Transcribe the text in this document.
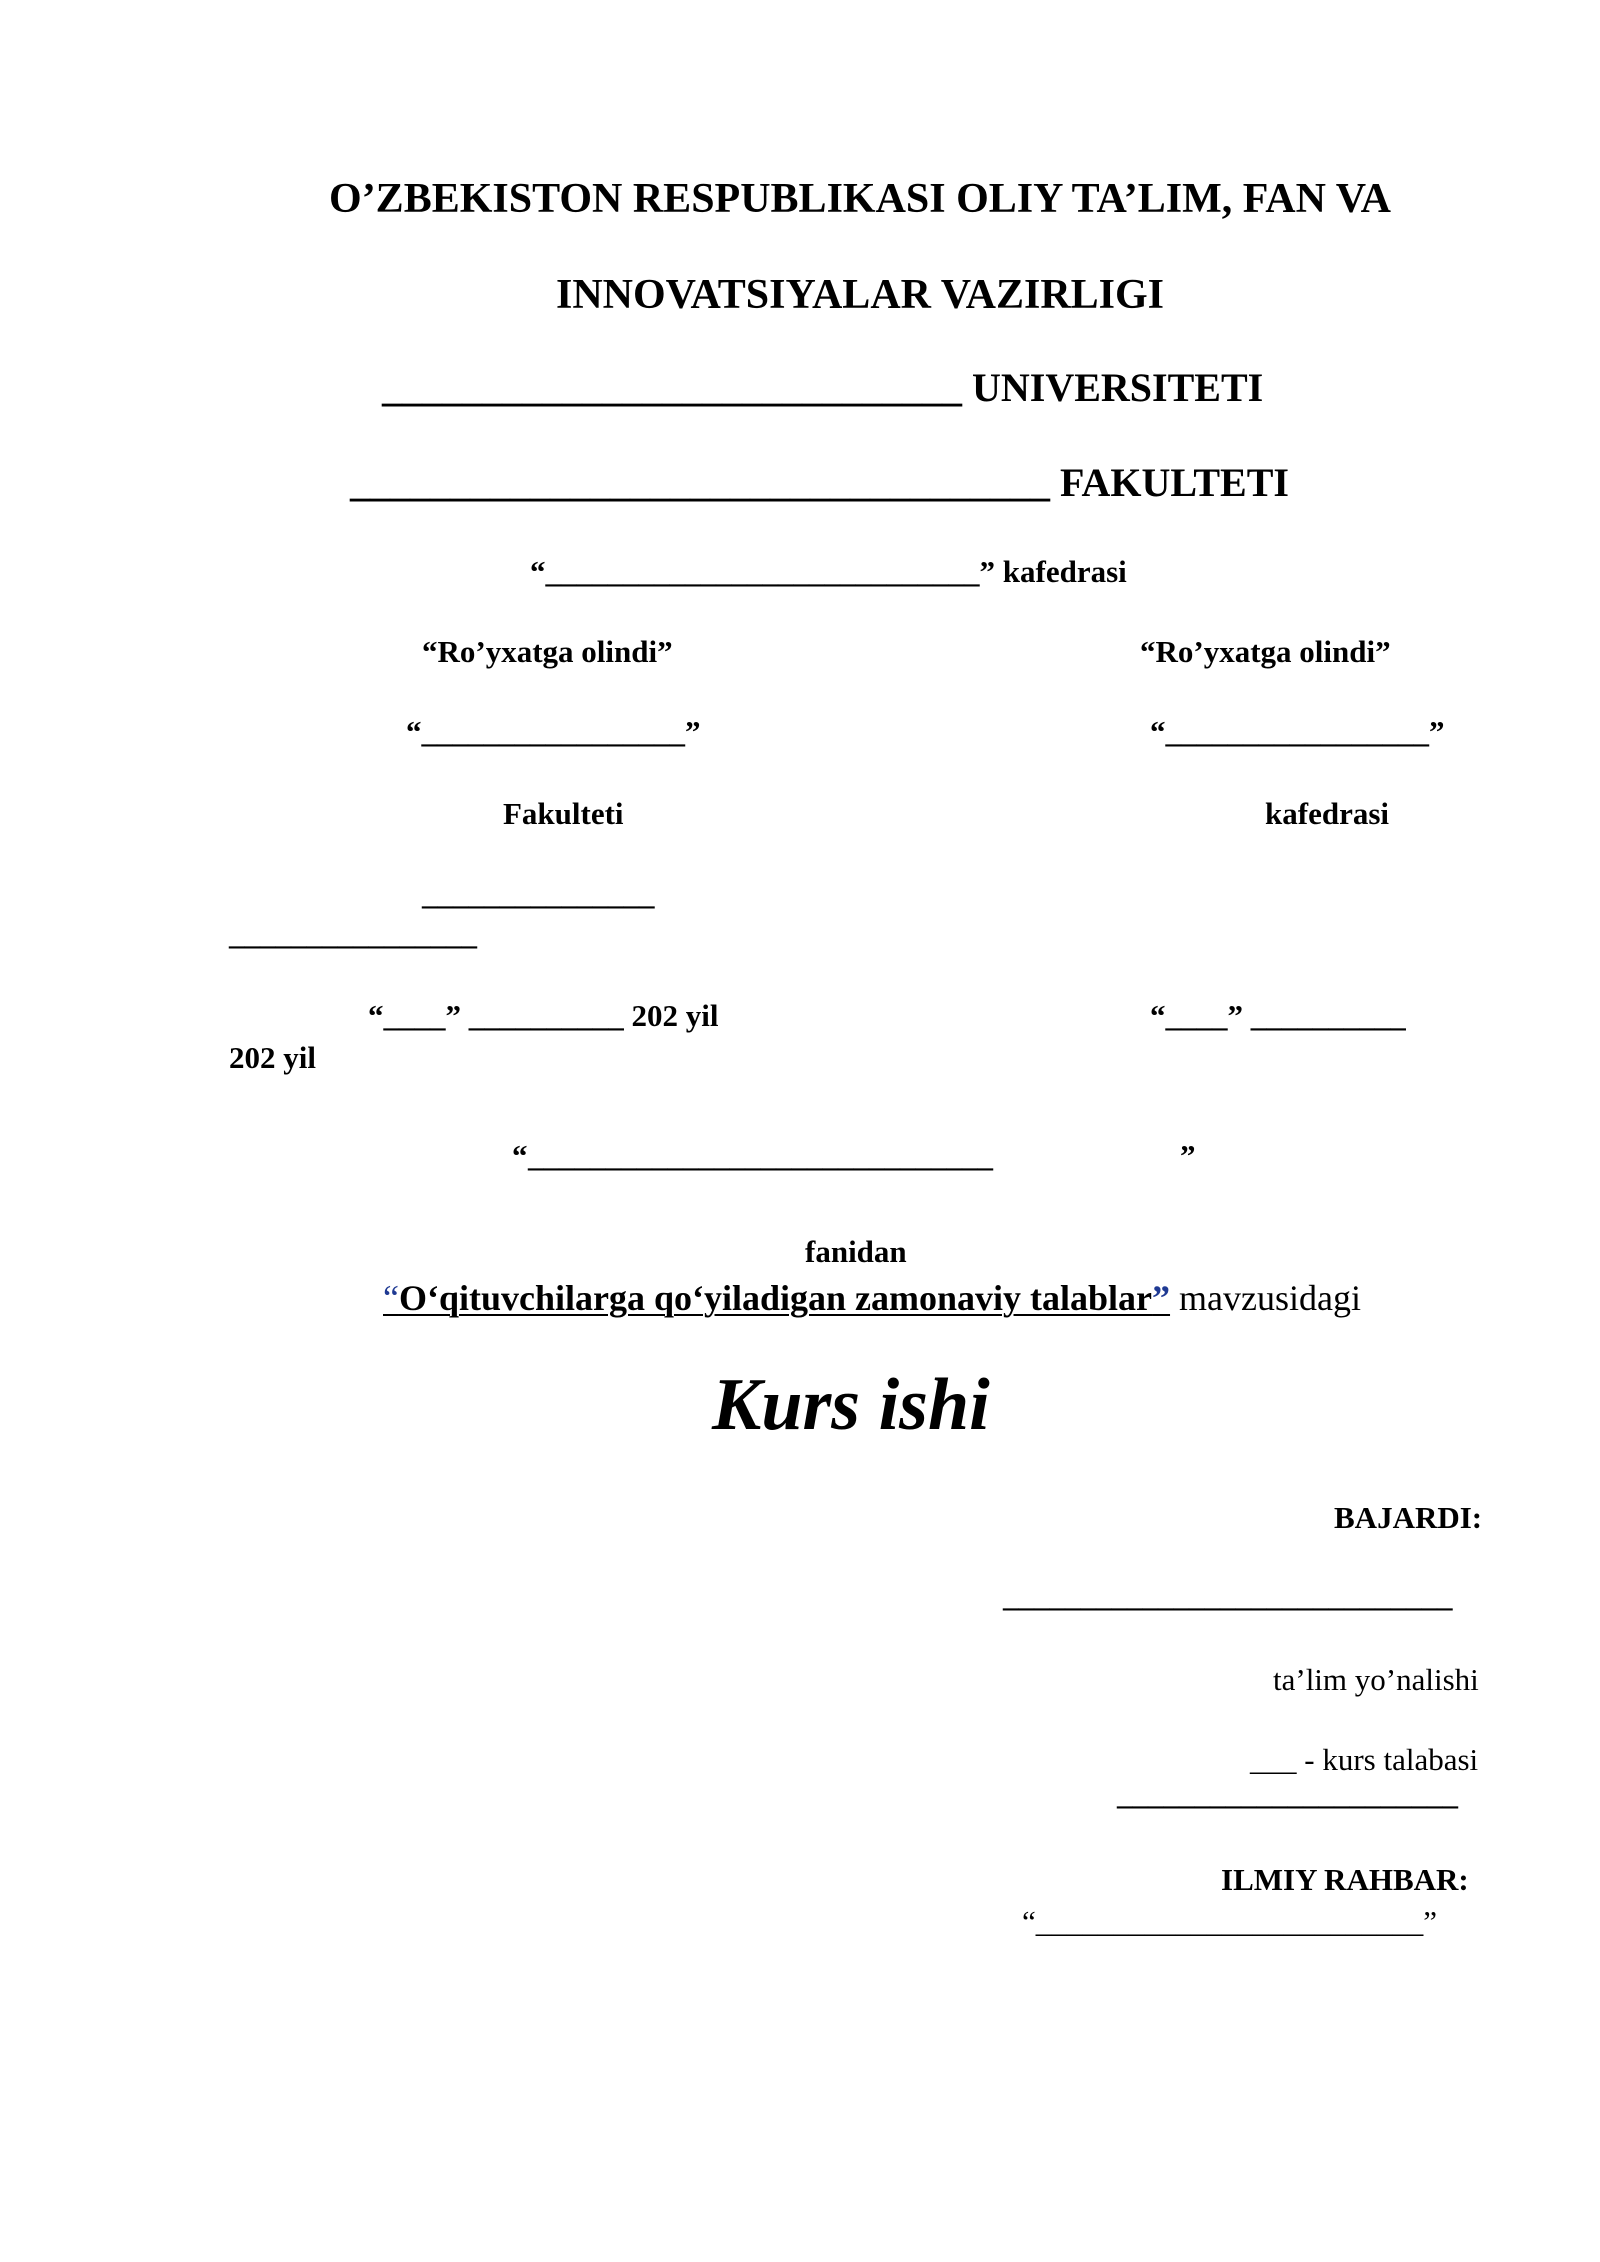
O’ZBEKISTON RESPUBLIKASI OLIY TA’LIM, FAN VA
INNOVATSIYALAR VAZIRLIGI
_____________________________ UNIVERSITETI
___________________________________ FAKULTETI
“____________________________” kafedrasi
“Ro’yxatga olindi”
“_________________”
Fakulteti
_______________
“Ro’yxatga olindi”
“_________________”
kafedrasi
________________
“____” __________ 202 yil	“____” __________
202 yil
“ ______________________________	”
fanidan
“O‘qituvchilarga qo‘yiladigan zamonaviy talablar” mavzusidagi
Kurs ishi
BAJARDI:
_____________________________
ta’lim yo’nalishi
___ - kurs talabasi
______________________
ILMIY RAHBAR:
“_________________________”
